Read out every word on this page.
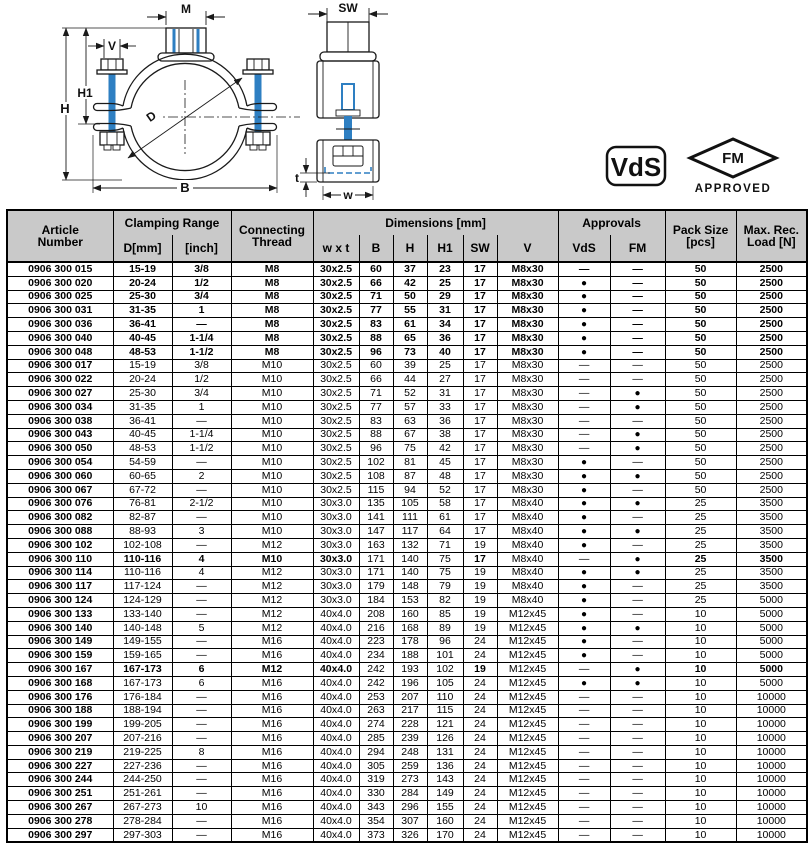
M
V
H
H1
B
D
SW
t
w
VdS	FM
APPROVED
Article
Number	Clamping Range		Connecting
Thread	Dimensions [mm]						Approvals		Pack Size
[pcs]	Max. Rec.
Load [N]
	D[mm]	[inch]		w x t	B	H	H1	SW	V	VdS	FM		
0906 300 015	15-19	3/8	M8	30x2.5	60	37	23	17	M8x30	—	—	50	2500
0906 300 020	20-24	1/2	M8	30x2.5	66	42	25	17	M8x30	●	—	50	2500
0906 300 025	25-30	3/4	M8	30x2.5	71	50	29	17	M8x30	●	—	50	2500
0906 300 031	31-35	1	M8	30x2.5	77	55	31	17	M8x30	●	—	50	2500
0906 300 036	36-41	—	M8	30x2.5	83	61	34	17	M8x30	●	—	50	2500
0906 300 040	40-45	1-1/4	M8	30x2.5	88	65	36	17	M8x30	●	—	50	2500
0906 300 048	48-53	1-1/2	M8	30x2.5	96	73	40	17	M8x30	●	—	50	2500
0906 300 017	15-19	3/8	M10	30x2.5	60	39	25	17	M8x30	—	—	50	2500
0906 300 022	20-24	1/2	M10	30x2.5	66	44	27	17	M8x30	—	—	50	2500
0906 300 027	25-30	3/4	M10	30x2.5	71	52	31	17	M8x30	—	●	50	2500
0906 300 034	31-35	1	M10	30x2.5	77	57	33	17	M8x30	—	●	50	2500
0906 300 038	36-41	—	M10	30x2.5	83	63	36	17	M8x30	—	—	50	2500
0906 300 043	40-45	1-1/4	M10	30x2.5	88	67	38	17	M8x30	—	●	50	2500
0906 300 050	48-53	1-1/2	M10	30x2.5	96	75	42	17	M8x30	—	●	50	2500
0906 300 054	54-59	—	M10	30x2.5	102	81	45	17	M8x30	●	—	50	2500
0906 300 060	60-65	2	M10	30x2.5	108	87	48	17	M8x30	●	●	50	2500
0906 300 067	67-72	—	M10	30x2.5	115	94	52	17	M8x30	●	—	50	2500
0906 300 076	76-81	2-1/2	M10	30x3.0	135	105	58	17	M8x40	●	●	25	3500
0906 300 082	82-87	—	M10	30x3.0	141	111	61	17	M8x40	●	—	25	3500
0906 300 088	88-93	3	M10	30x3.0	147	117	64	17	M8x40	●	●	25	3500
0906 300 102	102-108	—	M12	30x3.0	163	132	71	19	M8x40	●	—	25	3500
0906 300 110	110-116	4	M10	30x3.0	171	140	75	17	M8x40	—	●	25	3500
0906 300 114	110-116	4	M12	30x3.0	171	140	75	19	M8x40	●	●	25	3500
0906 300 117	117-124	—	M12	30x3.0	179	148	79	19	M8x40	●	—	25	3500
0906 300 124	124-129	—	M12	30x3.0	184	153	82	19	M8x40	●	—	25	5000
0906 300 133	133-140	—	M12	40x4.0	208	160	85	19	M12x45	●	—	10	5000
0906 300 140	140-148	5	M12	40x4.0	216	168	89	19	M12x45	●	●	10	5000
0906 300 149	149-155	—	M16	40x4.0	223	178	96	24	M12x45	●	—	10	5000
0906 300 159	159-165	—	M16	40x4.0	234	188	101	24	M12x45	●	—	10	5000
0906 300 167	167-173	6	M12	40x4.0	242	193	102	19	M12x45	—	●	10	5000
0906 300 168	167-173	6	M16	40x4.0	242	196	105	24	M12x45	●	●	10	5000
0906 300 176	176-184	—	M16	40x4.0	253	207	110	24	M12x45	—	—	10	10000
0906 300 188	188-194	—	M16	40x4.0	263	217	115	24	M12x45	—	—	10	10000
0906 300 199	199-205	—	M16	40x4.0	274	228	121	24	M12x45	—	—	10	10000
0906 300 207	207-216	—	M16	40x4.0	285	239	126	24	M12x45	—	—	10	10000
0906 300 219	219-225	8	M16	40x4.0	294	248	131	24	M12x45	—	—	10	10000
0906 300 227	227-236	—	M16	40x4.0	305	259	136	24	M12x45	—	—	10	10000
0906 300 244	244-250	—	M16	40x4.0	319	273	143	24	M12x45	—	—	10	10000
0906 300 251	251-261	—	M16	40x4.0	330	284	149	24	M12x45	—	—	10	10000
0906 300 267	267-273	10	M16	40x4.0	343	296	155	24	M12x45	—	—	10	10000
0906 300 278	278-284	—	M16	40x4.0	354	307	160	24	M12x45	—	—	10	10000
0906 300 297	297-303	—	M16	40x4.0	373	326	170	24	M12x45	—	—	10	10000
